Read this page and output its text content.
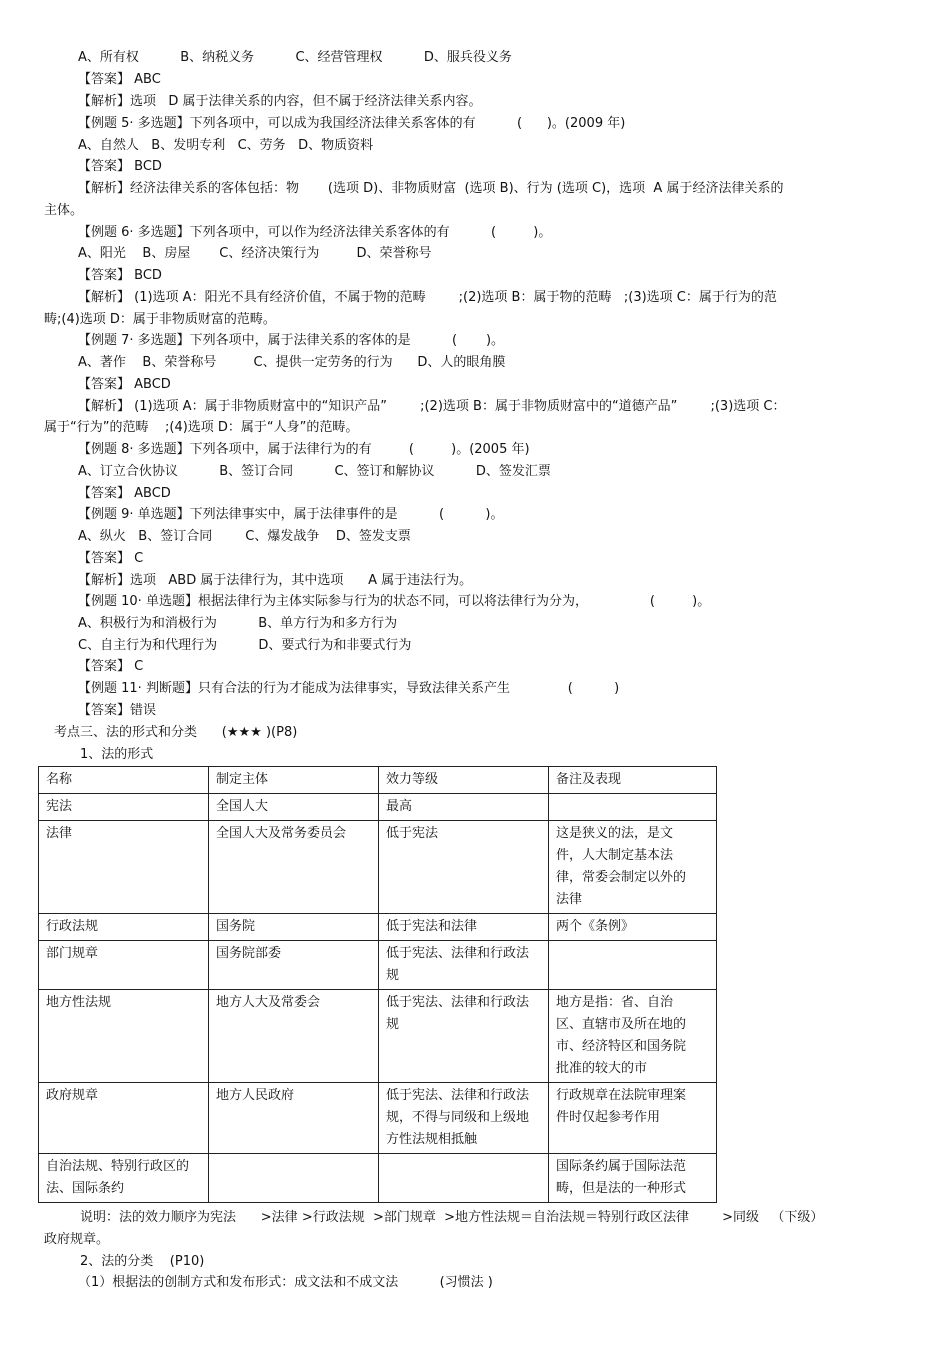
A、所有权          B、纳税义务          C、经营管理权          D、服兵役义务
【答案】 ABC
【解析】选项   D 属于法律关系的内容，但不属于经济法律关系内容。
【例题 5· 多选题】下列各项中，可以成为我国经济法律关系客体的有          (      )。(2009 年)
A、自然人   B、发明专利   C、劳务   D、物质资料
【答案】 BCD
【解析】经济法律关系的客体包括：物       (选项 D)、非物质财富  (选项 B)、行为 (选项 C)，选项  A 属于经济法律关系的
主体。
【例题 6· 多选题】下列各项中，可以作为经济法律关系客体的有          (         )。
A、阳光    B、房屋       C、经济决策行为         D、荣誉称号
【答案】 BCD
【解析】 (1)选项 A：阳光不具有经济价值，不属于物的范畴        ;(2)选项 B：属于物的范畴   ;(3)选项 C：属于行为的范
畴;(4)选项 D：属于非物质财富的范畴。
【例题 7· 多选题】下列各项中，属于法律关系的客体的是          (       )。
A、著作    B、荣誉称号         C、提供一定劳务的行为      D、人的眼角膜
【答案】 ABCD
【解析】 (1)选项 A：属于非物质财富中的“知识产品”        ;(2)选项 B：属于非物质财富中的“道德产品”        ;(3)选项 C：
属于“行为”的范畴    ;(4)选项 D：属于“人身”的范畴。
【例题 8· 多选题】下列各项中，属于法律行为的有         (         )。(2005 年)
A、订立合伙协议          B、签订合同          C、签订和解协议          D、签发汇票
【答案】 ABCD
【例题 9· 单选题】下列法律事实中，属于法律事件的是          (          )。
A、纵火   B、签订合同        C、爆发战争    D、签发支票
【答案】 C
【解析】选项   ABD 属于法律行为，其中选项      A 属于违法行为。
【例题 10· 单选题】根据法律行为主体实际参与行为的状态不同，可以将法律行为分为，               (         )。
A、积极行为和消极行为          B、单方行为和多方行为
C、自主行为和代理行为          D、要式行为和非要式行为
【答案】 C
【例题 11· 判断题】只有合法的行为才能成为法律事实，导致法律关系产生              (          )
【答案】错误
考点三、法的形式和分类      (★★★ )(P8)
1、法的形式
名称	制定主体	效力等级	备注及表现
宪法	全国人大	最高	
法律	全国人大及常务委员会	低于宪法	这是狭义的法，是文件，人大制定基本法律，常委会制定以外的法律
行政法规	国务院	低于宪法和法律	两个《条例》
部门规章	国务院部委	低于宪法、法律和行政法规	
地方性法规	地方人大及常委会	低于宪法、法律和行政法规	地方是指：省、自治区、直辖市及所在地的市、经济特区和国务院批准的较大的市
政府规章	地方人民政府	低于宪法、法律和行政法规，不得与同级和上级地方性法规相抵触	行政规章在法院审理案件时仅起参考作用
自治法规、特别行政区的法、国际条约			国际条约属于国际法范畴，但是法的一种形式
说明：法的效力顺序为宪法      >法律 >行政法规  >部门规章  >地方性法规＝自治法规＝特别行政区法律        >同级   （下级）
政府规章。
2、法的分类    (P10)
（1）根据法的创制方式和发布形式：成文法和不成文法          (习惯法 )
